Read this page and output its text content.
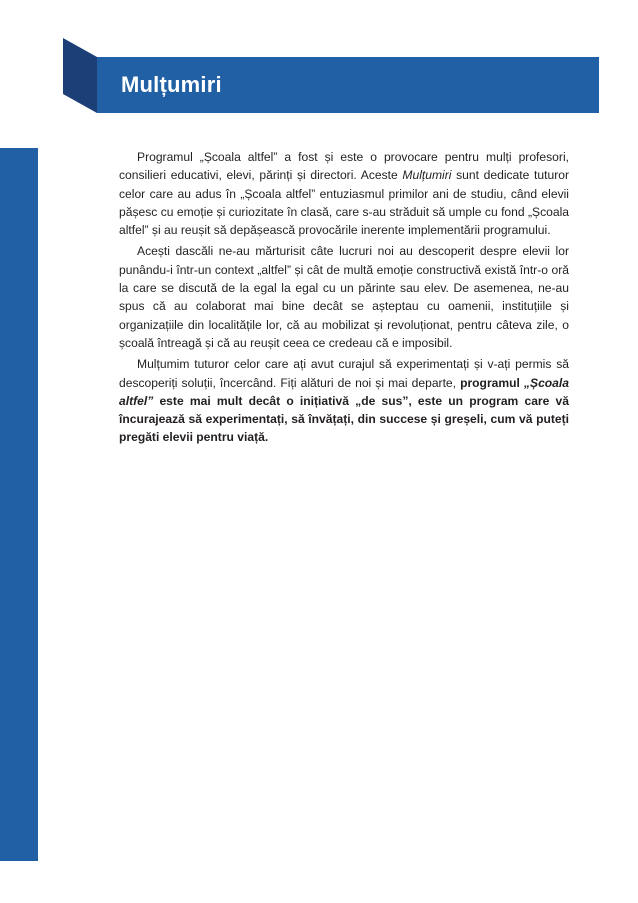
Mulțumiri

Programul „Școala altfel” a fost și este o provocare pentru mulți profesori, consilieri educativi, elevi, părinți și directori. Aceste Mulțumiri sunt dedicate tuturor celor care au adus în „Școala altfel” entuziasmul primilor ani de studiu, când elevii pășesc cu emoție și curiozitate în clasă, care s-au străduit să umple cu fond „Școala altfel” și au reușit să depășească provocările inerente implementării programului.

Acești dascăli ne-au mărturisit câte lucruri noi au descoperit despre elevii lor punându-i într-un context „altfel” și cât de multă emoție constructivă există într-o oră la care se discută de la egal la egal cu un părinte sau elev. De asemenea, ne-au spus că au colaborat mai bine decât se așteptau cu oamenii, instituțiile și organizațiile din localitățile lor, că au mobilizat și revoluționat, pentru câteva zile, o școală întreagă și că au reușit ceea ce credeau că e imposibil.

Mulțumim tuturor celor care ați avut curajul să experimentați și v-ați permis să descoperiți soluții, încercând. Fiți alături de noi și mai departe, programul „Școala altfel” este mai mult decât o inițiativă „de sus”, este un program care vă încurajează să experimentați, să învățați, din succese și greșeli, cum vă puteți pregăti elevii pentru viață.
